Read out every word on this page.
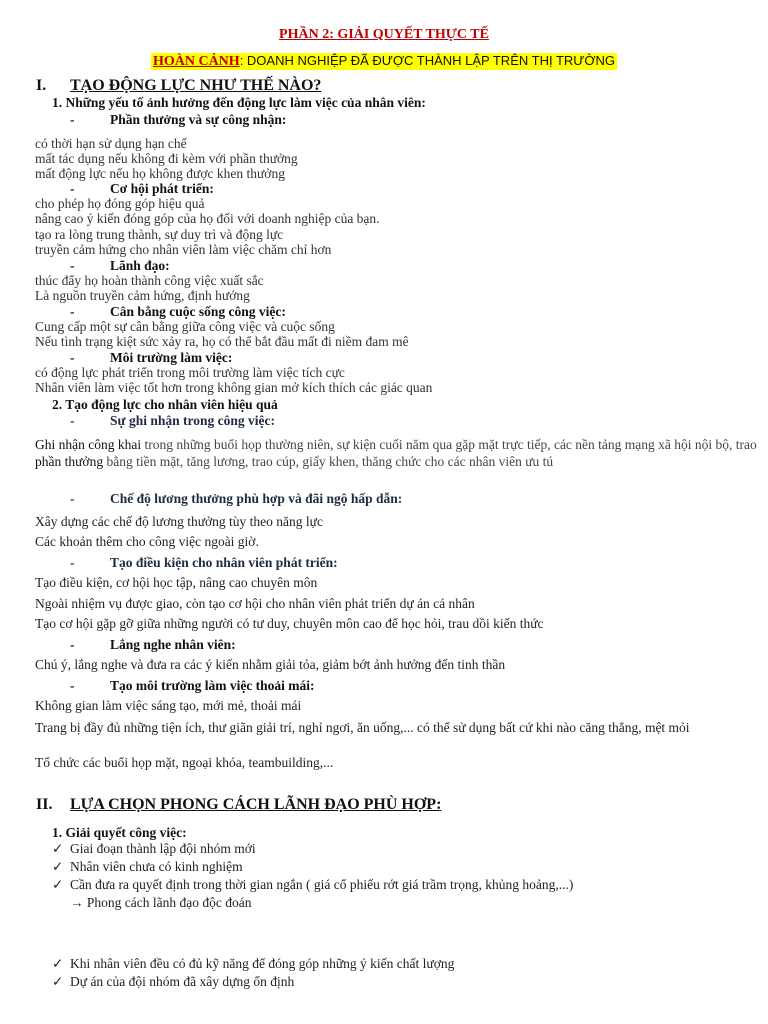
PHẦN 2: GIẢI QUYẾT THỰC TẾ
HOÀN CẢNH: DOANH NGHIỆP ĐÃ ĐƯỢC THÀNH LẬP TRÊN THỊ TRƯỜNG
I. TẠO ĐỘNG LỰC NHƯ THẾ NÀO?
1. Những yếu tố ảnh hưởng đến động lực làm việc của nhân viên:
-	Phần thưởng và sự công nhận:
có thời hạn sử dụng hạn chế
mất tác dụng nếu không đi kèm với phần thưởng
mất động lực nếu họ không được khen thưởng
-	Cơ hội phát triển:
cho phép họ đóng góp hiệu quả
nâng cao ý kiến đóng góp của họ đối với doanh nghiệp của bạn.
tạo ra lòng trung thành, sự duy trì và động lực
truyền cảm hứng cho nhân viên làm việc chăm chỉ hơn
-	Lãnh đạo:
thúc đẩy họ hoàn thành công việc xuất sắc
Là nguồn truyền cảm hứng, định hướng
-	Cân bằng cuộc sống công việc:
Cung cấp một sự cân bằng giữa công việc và cuộc sống
Nếu tình trạng kiệt sức xảy ra, họ có thể bắt đầu mất đi niềm đam mê
-	Môi trường làm việc:
có động lực phát triển trong môi trường làm việc tích cực
Nhân viên làm việc tốt hơn trong không gian mở kích thích các giác quan
2. Tạo động lực cho nhân viên hiệu quả
-	Sự ghi nhận trong công việc:
Ghi nhận công khai trong những buổi họp thường niên, sự kiện cuối năm qua gặp mặt trực tiếp, các nền tảng mạng xã hội nội bộ, trao phần thưởng bằng tiền mặt, tăng lương, trao cúp, giấy khen, thăng chức cho các nhân viên ưu tú
-	Chế độ lương thưởng phù hợp và đãi ngộ hấp dẫn:
Xây dựng các chế độ lương thưởng tùy theo năng lực
Các khoản thêm cho công việc ngoài giờ.
-	Tạo điều kiện cho nhân viên phát triển:
Tạo điều kiện, cơ hội học tập, nâng cao chuyên môn
Ngoài nhiệm vụ được giao, còn tạo cơ hội cho nhân viên phát triển dự án cá nhân
Tạo cơ hội gặp gỡ giữa những người có tư duy, chuyên môn cao để học hỏi, trau dồi kiến thức
-	Lắng nghe nhân viên:
Chú ý, lắng nghe và đưa ra các ý kiến nhằm giải tỏa, giảm bớt ảnh hưởng đến tinh thần
-	Tạo môi trường làm việc thoải mái:
Không gian làm việc sáng tạo, mới mẻ, thoải mái
Trang bị đầy đủ những tiện ích, thư giãn giải trí, nghỉ ngơi, ăn uống,... có thể sử dụng bất cứ khi nào căng thẳng, mệt mỏi
Tổ chức các buổi họp mặt, ngoại khóa, teambuilding,...
II. LỰA CHỌN PHONG CÁCH LÃNH ĐẠO PHÙ HỢP:
1. Giải quyết công việc:
✓ Giai đoạn thành lập đội nhóm mới
✓ Nhân viên chưa có kinh nghiệm
✓ Cần đưa ra quyết định trong thời gian ngắn ( giá cổ phiếu rớt giá trầm trọng, khủng hoảng,...)
→ Phong cách lãnh đạo độc đoán
✓ Khi nhân viên đều có đủ kỹ năng để đóng góp những ý kiến chất lượng
✓ Dự án của đội nhóm đã xây dựng ổn định
